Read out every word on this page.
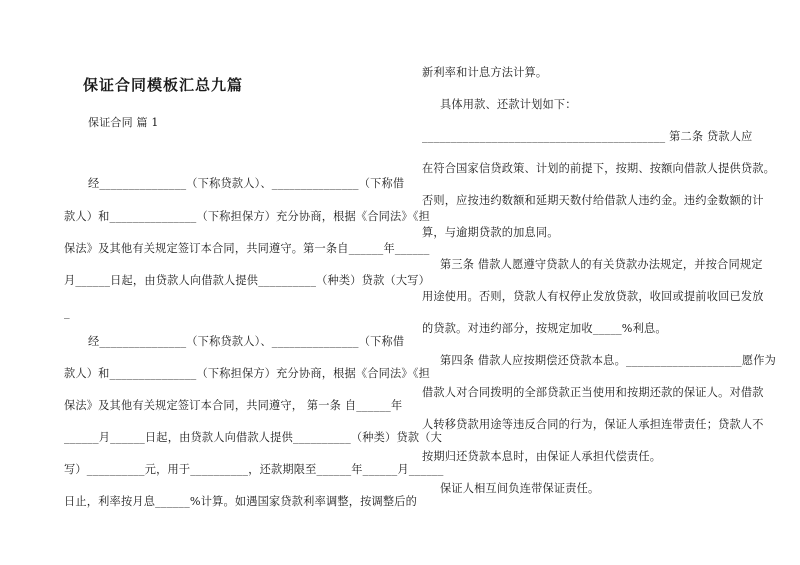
保证合同模板汇总九篇
保证合同 篇 1
经_______________（下称贷款人）、_______________（下称借
款人）和_______________（下称担保方）充分协商，根据《合同法》《担
保法》及其他有关规定签订本合同，共同遵守。第一条自______年______
月______日起，由贷款人向借款人提供__________（种类）贷款（大写）
_
经_______________（下称贷款人）、_______________（下称借
款人）和_______________（下称担保方）充分协商，根据《合同法》《担
保法》及其他有关规定签订本合同，共同遵守， 第一条 自______年
______月______日起，由贷款人向借款人提供__________（种类）贷款（大
写）__________元，用于__________，还款期限至______年______月______
日止，利率按月息______%计算。如遇国家贷款利率调整，按调整后的
新利率和计息方法计算。
具体用款、还款计划如下：
__________________________________________ 第二条 贷款人应
在符合国家信贷政策、计划的前提下，按期、按额向借款人提供贷款。
否则，应按违约数额和延期天数付给借款人违约金。违约金数额的计
算，与逾期贷款的加息同。
第三条 借款人愿遵守贷款人的有关贷款办法规定，并按合同规定
用途使用。否则，贷款人有权停止发放贷款，收回或提前收回已发放
的贷款。对违约部分，按规定加收_____%利息。
第四条 借款人应按期偿还贷款本息。____________________愿作为
借款人对合同拨明的全部贷款正当使用和按期还款的保证人。对借款
人转移贷款用途等违反合同的行为，保证人承担连带责任；贷款人不
按期归还贷款本息时，由保证人承担代偿责任。
保证人相互间负连带保证责任。
